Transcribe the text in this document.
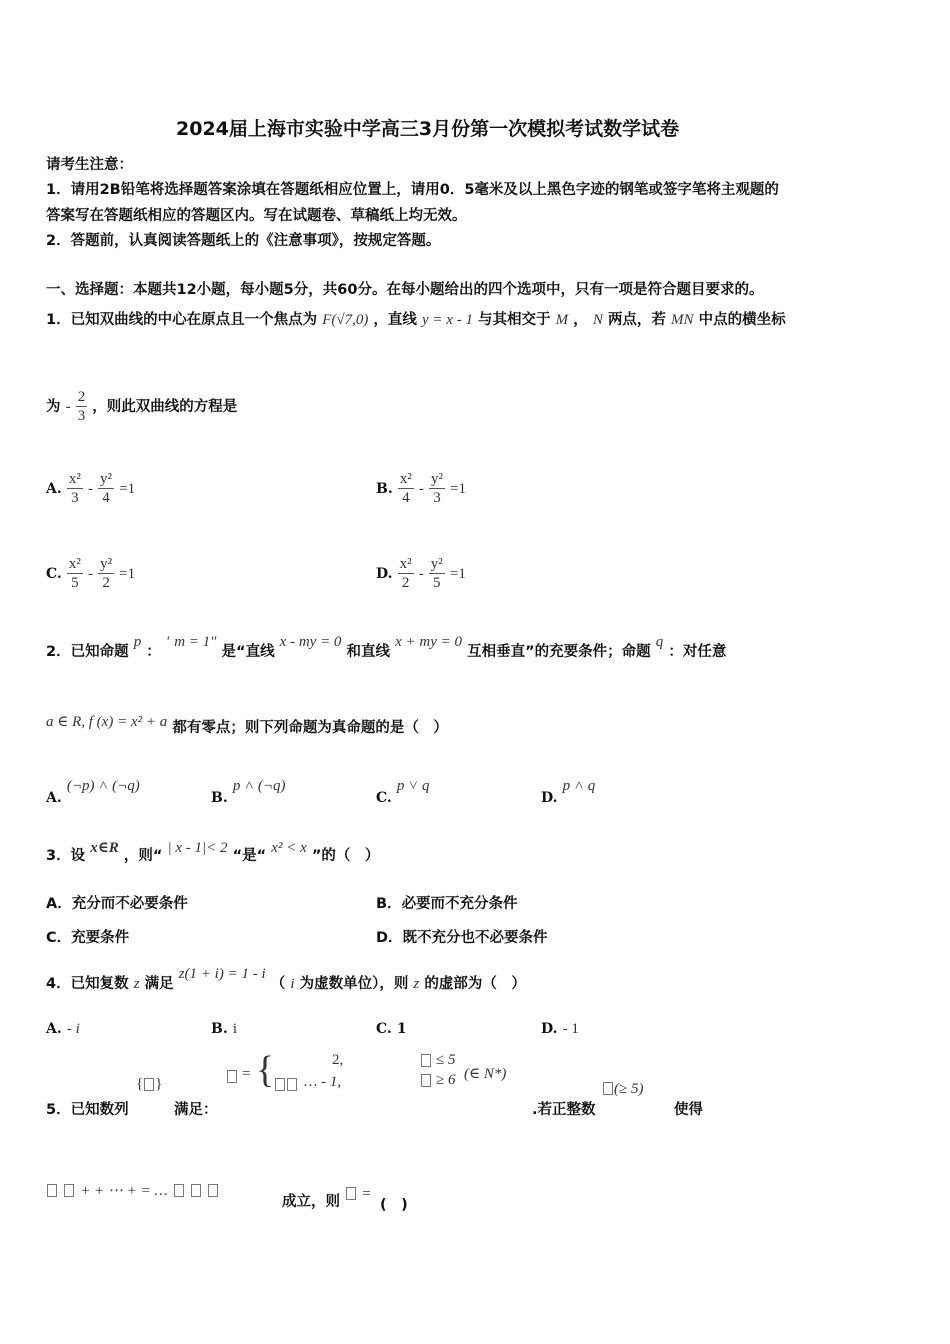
2024届上海市实验中学高三3月份第一次模拟考试数学试卷
请考生注意：
1．请用2B铅笔将选择题答案涂填在答题纸相应位置上，请用0．5毫米及以上黑色字迹的钢笔或签字笔将主观题的
答案写在答题纸相应的答题区内。写在试题卷、草稿纸上均无效。
2．答题前，认真阅读答题纸上的《注意事项》，按规定答题。
一、选择题：本题共12小题，每小题5分，共60分。在每小题给出的四个选项中，只有一项是符合题目要求的。
1．已知双曲线的中心在原点且一个焦点为 F(√7,0) ，直线 y = x - 1 与其相交于 M ， N 两点，若 MN 中点的横坐标
为 - $\frac{2}{3}$ ，则此双曲线的方程是
A. $\frac{\text{x²}}{3} - \frac{\text{y²}}{4} =1$	B. $\frac{\text{x²}}{4} - \frac{\text{y²}}{3} =1$
C. $\frac{\text{x²}}{5} - \frac{\text{y²}}{2} =1$	D. $\frac{\text{x²}}{2} - \frac{\text{y²}}{5} =1$
2．已知命题 p ： ' m = 1" 是“直线 x - my = 0 和直线 x + my = 0 互相垂直”的充要条件；命题 q ：对任意
a ∈ R, f (x) = x² + a 都有零点；则下列命题为真命题的是（　）
A. (¬p) ˄ (¬q)
B. p ˄ (¬q)
C. p ˅ q
D. p ˄ q
3．设 x∈R ，则“ | x - 1|< 2 “是“ x² < x ”的（　）
A．充分而不必要条件	B．必要而不充分条件
C．充要条件	D．既不充分也不必要条件
4．已知复数 z 满足 z(1 + i) = 1 - i （ i 为虚数单位），则 z 的虚部为（　）
A. - i	B. i	C. 1	D. - 1
5．已知数列
{ }
满足：
= {	2,
… - 1,
≤ 5
≥ 6 (∈ N*)
.若正整数
(≥ 5)
使得
+ + ⋯ + = …
成立，则 =
(　)
